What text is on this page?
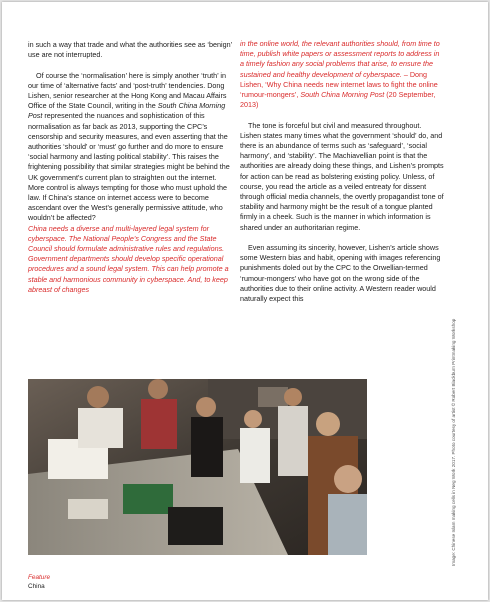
in such a way that trade and what the authorities see as ‘benign’ use are not interrupted.

Of course the ‘normalisation’ here is simply another ‘truth’ in our time of ‘alternative facts’ and ‘post-truth’ tendencies. Dong Lishen, senior researcher at the Hong Kong and Macau Affairs Office of the State Council, writing in the South China Morning Post represented the nuances and sophistication of this normalisation as far back as 2013, supporting the CPC’s censorship and security measures, and even asserting that the authorities ‘should’ or ‘must’ go further and do more to ensure ‘social harmony and lasting political stability’. This raises the frightening possibility that similar strategies might be behind the UK government’s current plan to straighten out the internet. More control is always tempting for those who must uphold the law. If China’s stance on internet access were to become ascendant over the West’s generally permissive attitude, who wouldn’t be affected?

China needs a diverse and multi-layered legal system for cyberspace. The National People’s Congress and the State Council should formulate administrative rules and regulations. Government departments should develop specific operational procedures and a sound legal system. This can help promote a stable and harmonious community in cyberspace. And, to keep abreast of changes

in the online world, the relevant authorities should, from time to time, publish white papers or assessment reports to address in a timely fashion any social problems that arise, to ensure the sustained and healthy development of cyberspace. – Dong Lishen, ‘Why China needs new internet laws to fight the online ‘rumour-mongers’, South China Morning Post (20 September, 2013)

The tone is forceful but civil and measured throughout. Lishen states many times what the government ‘should’ do, and there is an abundance of terms such as ‘safeguard’, ‘social harmony’, and ‘stability’. The Machiavellian point is that the authorities are already doing these things, and Lishen’s prompts for action can be read as bolstering existing policy. Unless, of course, you read the article as a veiled entreaty for dissent through official media channels, the overtly propagandist tone of stability and harmony might be the result of a tongue planted firmly in a cheek. Such is the manner in which information is shared under an authoritarian regime.

Even assuming its sincerity, however, Lishen’s article shows some Western bias and habit, opening with images referencing punishments doled out by the CPC to the Orwellian-termed ‘rumour-mongers’ who have got on the wrong side of the authorities due to their online activity. A Western reader would naturally expect this

Image: Chinese Islam making cells in Neg Work 2017. Photo courtesy of artist © Robert Blackburn Printmaking Workshop
Feature
China
